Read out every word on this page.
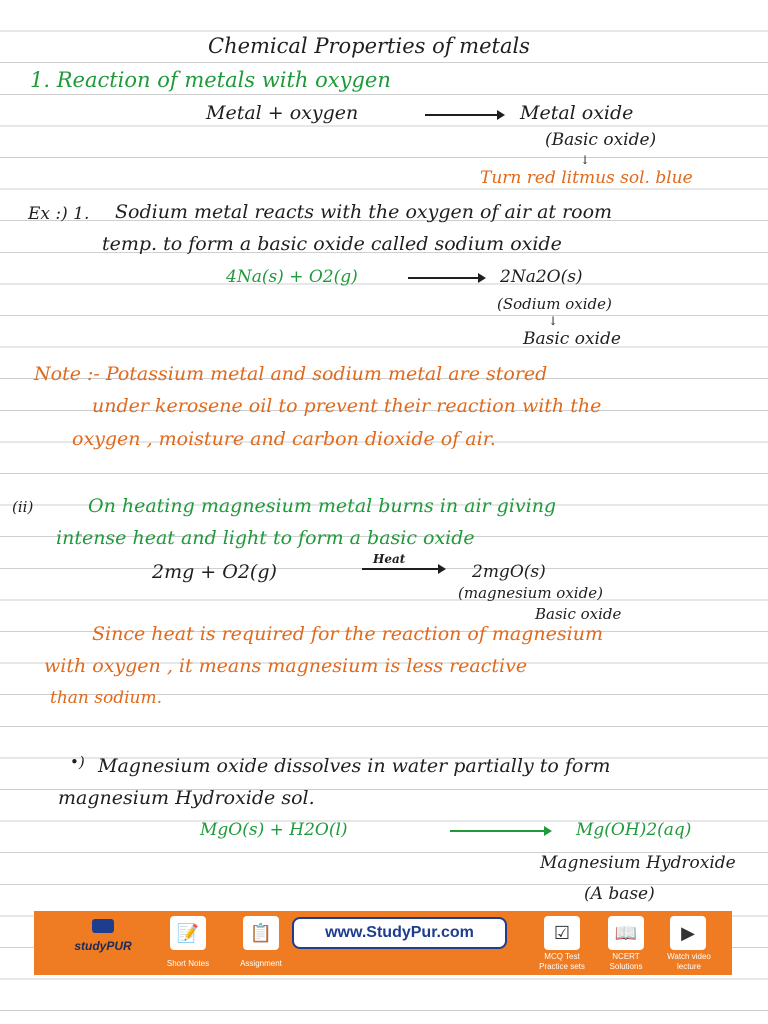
Chemical Properties of metals
1. Reaction of metals with oxygen
Metal + oxygen	Metal oxide
(Basic oxide)
↓
Turn red litmus sol. blue
Ex :) 1. Sodium metal reacts with the oxygen of air at room
temp. to form a basic oxide called sodium oxide
4Na(s) + O2(g)	2Na2O(s)
(Sodium oxide)
↓
Basic oxide
Note :- Potassium metal and sodium metal are stored
under kerosene oil to prevent their reaction with the
oxygen , moisture and carbon dioxide of air.
(ii)	On heating magnesium metal burns in air giving
intense heat and light to form a basic oxide
2mg + O2(g)
Heat
2mgO(s)
(magnesium oxide)
Basic oxide
Since heat is required for the reaction of magnesium
with oxygen , it means magnesium is less reactive
than sodium.
•) Magnesium oxide dissolves in water partially to form
magnesium Hydroxide sol.
MgO(s) + H2O(l)	Mg(OH)2(aq)
Magnesium Hydroxide
(A base)
studyPUR
📝
Short Notes
📋
Assignment
www.StudyPur.com	☑
MCQ Test
Practice sets
📖
NCERT
Solutions
▶
Watch video
lecture
